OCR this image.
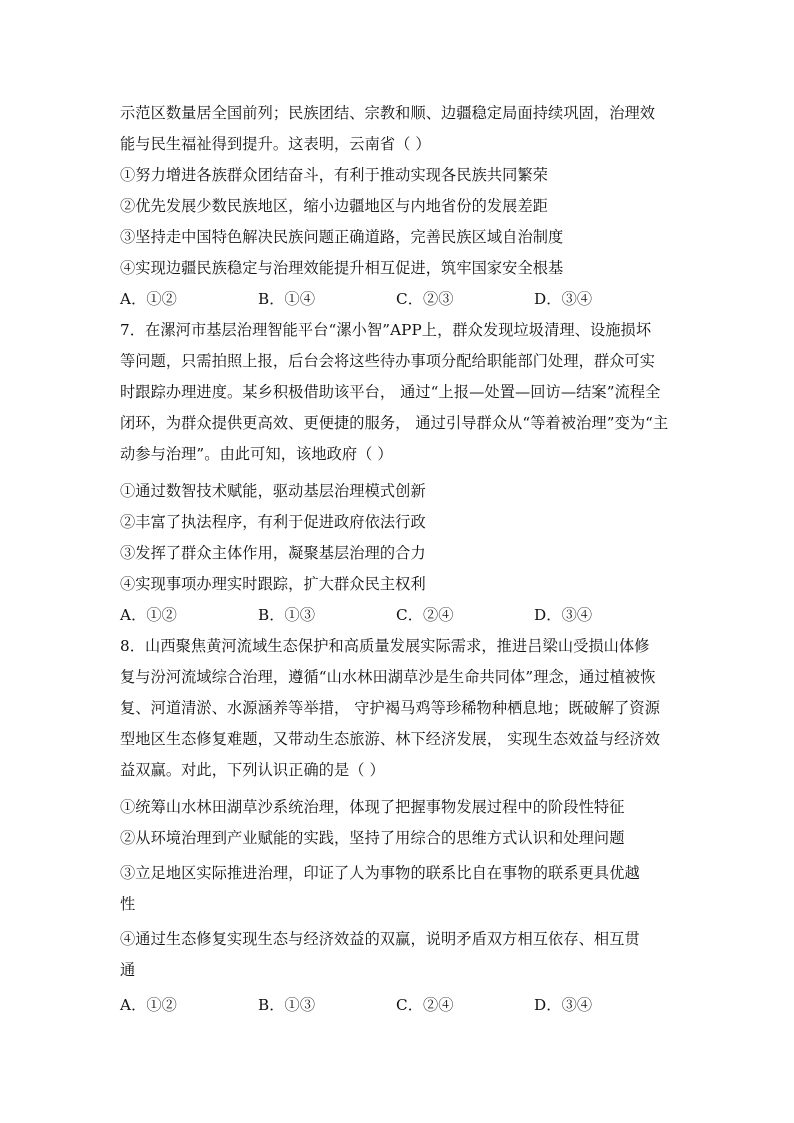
示范区数量居全国前列；民族团结、宗教和顺、边疆稳定局面持续巩固，治理效
能与民生福祉得到提升。这表明，云南省（ ）
①努力增进各族群众团结奋斗，有利于推动实现各民族共同繁荣
②优先发展少数民族地区，缩小边疆地区与内地省份的发展差距
③坚持走中国特色解决民族问题正确道路，完善民族区域自治制度
④实现边疆民族稳定与治理效能提升相互促进，筑牢国家安全根基
A．①②	B．①④	C．②③	D．③④
7．在漯河市基层治理智能平台“漯小智”APP上，群众发现垃圾清理、设施损坏
等问题，只需拍照上报，后台会将这些待办事项分配给职能部门处理，群众可实
时跟踪办理进度。某乡积极借助该平台， 通过“上报—处置—回访—结案”流程全
闭环，为群众提供更高效、更便捷的服务， 通过引导群众从“等着被治理”变为“主
动参与治理”。由此可知，该地政府（ ）
①通过数智技术赋能，驱动基层治理模式创新
②丰富了执法程序，有利于促进政府依法行政
③发挥了群众主体作用，凝聚基层治理的合力
④实现事项办理实时跟踪，扩大群众民主权利
A．①②	B．①③	C．②④	D．③④
8．山西聚焦黄河流域生态保护和高质量发展实际需求，推进吕梁山受损山体修
复与汾河流域综合治理，遵循“山水林田湖草沙是生命共同体”理念，通过植被恢
复、河道清淤、水源涵养等举措， 守护褐马鸡等珍稀物种栖息地；既破解了资源
型地区生态修复难题，又带动生态旅游、林下经济发展， 实现生态效益与经济效
益双赢。对此，下列认识正确的是（ ）
①统筹山水林田湖草沙系统治理，体现了把握事物发展过程中的阶段性特征
②从环境治理到产业赋能的实践，坚持了用综合的思维方式认识和处理问题
③立足地区实际推进治理，印证了人为事物的联系比自在事物的联系更具优越
性
④通过生态修复实现生态与经济效益的双赢，说明矛盾双方相互依存、相互贯
通
A．①②	B．①③	C．②④	D．③④
